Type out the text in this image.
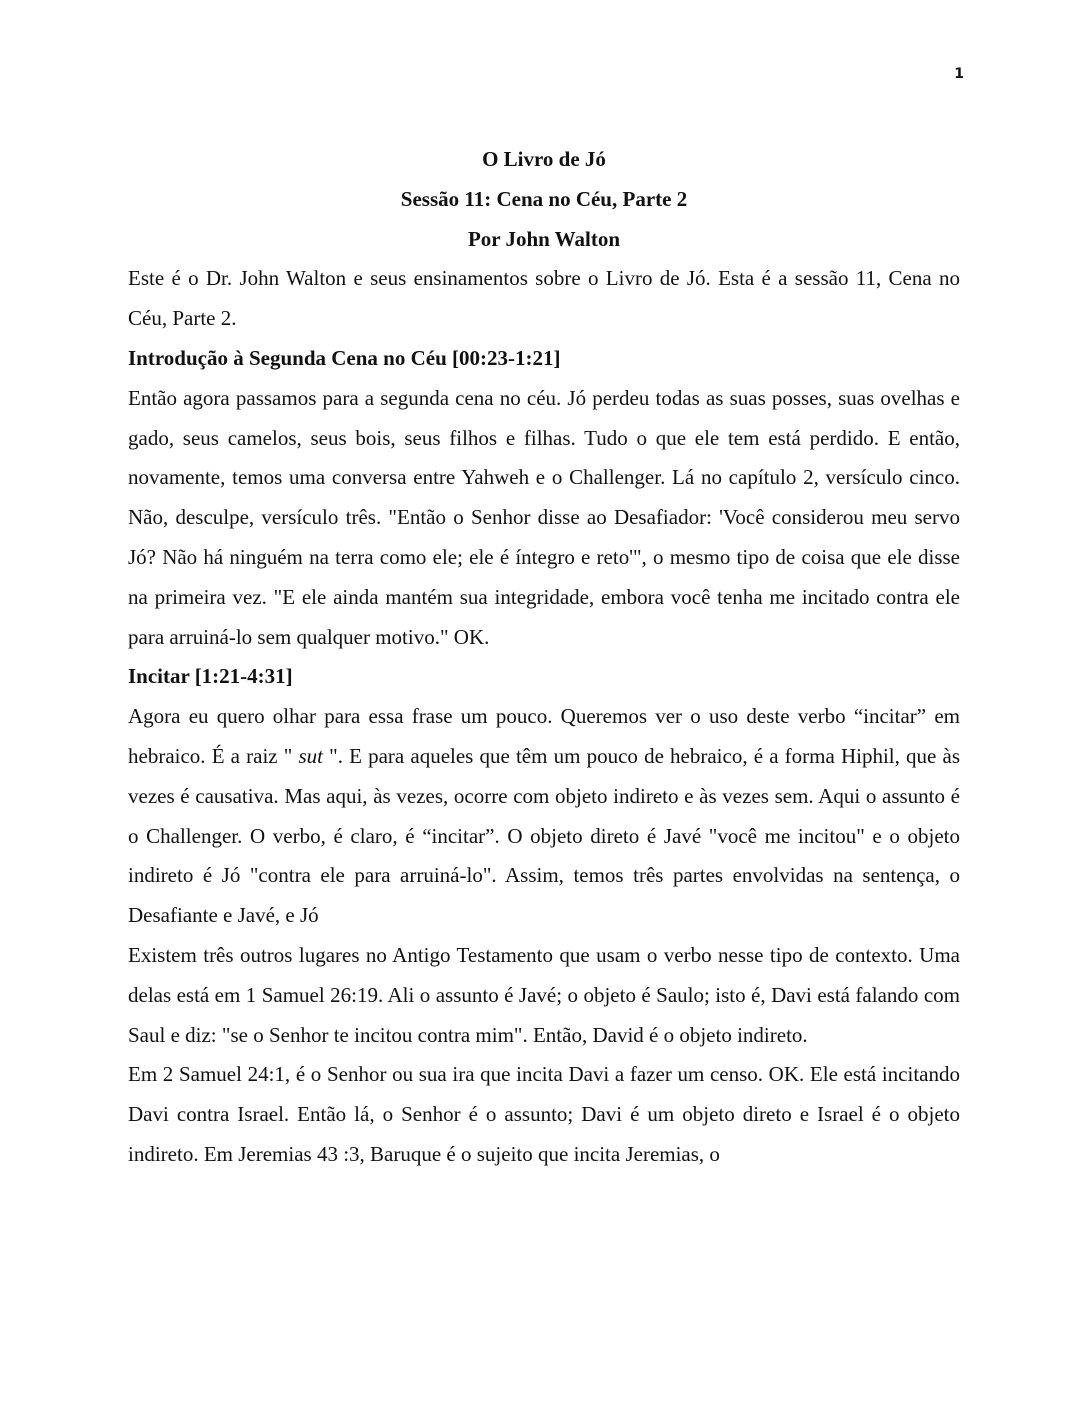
1

O Livro de Jó

Sessão 11: Cena no Céu, Parte 2

Por John Walton

Este é o Dr. John Walton e seus ensinamentos sobre o Livro de Jó. Esta é a sessão 11, Cena no Céu, Parte 2.

Introdução à Segunda Cena no Céu [00:23-1:21]

Então agora passamos para a segunda cena no céu. Jó perdeu todas as suas posses, suas ovelhas e gado, seus camelos, seus bois, seus filhos e filhas. Tudo o que ele tem está perdido. E então, novamente, temos uma conversa entre Yahweh e o Challenger. Lá no capítulo 2, versículo cinco. Não, desculpe, versículo três. "Então o Senhor disse ao Desafiador: 'Você considerou meu servo Jó? Não há ninguém na terra como ele; ele é íntegro e reto'", o mesmo tipo de coisa que ele disse na primeira vez. "E ele ainda mantém sua integridade, embora você tenha me incitado contra ele para arruiná-lo sem qualquer motivo." OK.

Incitar [1:21-4:31]

Agora eu quero olhar para essa frase um pouco. Queremos ver o uso deste verbo “incitar” em hebraico. É a raiz " sut ". E para aqueles que têm um pouco de hebraico, é a forma Hiphil, que às vezes é causativa. Mas aqui, às vezes, ocorre com objeto indireto e às vezes sem. Aqui o assunto é o Challenger. O verbo, é claro, é “incitar”. O objeto direto é Javé "você me incitou" e o objeto indireto é Jó "contra ele para arruiná-lo". Assim, temos três partes envolvidas na sentença, o Desafiante e Javé, e Jó

Existem três outros lugares no Antigo Testamento que usam o verbo nesse tipo de contexto. Uma delas está em 1 Samuel 26:19. Ali o assunto é Javé; o objeto é Saulo; isto é, Davi está falando com Saul e diz: "se o Senhor te incitou contra mim". Então, David é o objeto indireto.

Em 2 Samuel 24:1, é o Senhor ou sua ira que incita Davi a fazer um censo. OK. Ele está incitando Davi contra Israel. Então lá, o Senhor é o assunto; Davi é um objeto direto e Israel é o objeto indireto. Em Jeremias 43 :3, Baruque é o sujeito que incita Jeremias, o
